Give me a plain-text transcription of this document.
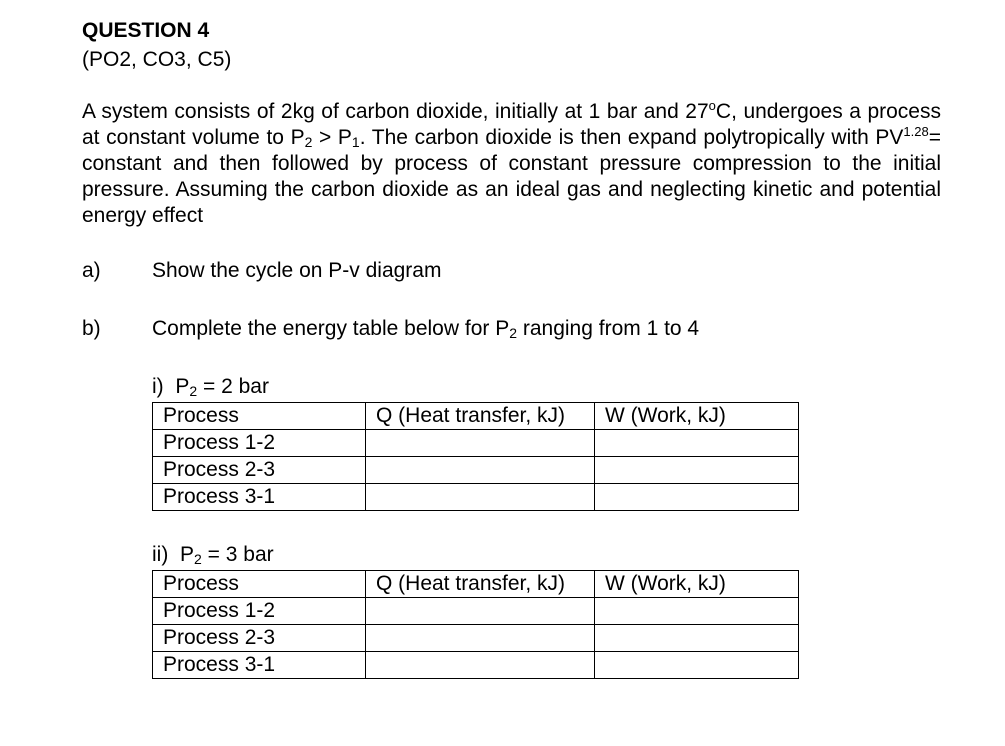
QUESTION 4
(PO2, CO3, C5)
A system consists of 2kg of carbon dioxide, initially at 1 bar and 27$^o$C, undergoes a process at constant volume to $P_2 > P_1$. The carbon dioxide is then expand polytropically with $PV^{1.28}=$ constant and then followed by process of constant pressure compression to the initial pressure. Assuming the carbon dioxide as an ideal gas and neglecting kinetic and potential energy effect
a) Show the cycle on P-v diagram
b) Complete the energy table below for $P_2$ ranging from 1 to 4
i) $P_2 = 2$ bar
Process	Q (Heat transfer, kJ)	W (Work, kJ)
Process 1-2		
Process 2-3		
Process 3-1		
ii) $P_2 = 3$ bar
Process	Q (Heat transfer, kJ)	W (Work, kJ)
Process 1-2		
Process 2-3		
Process 3-1		
